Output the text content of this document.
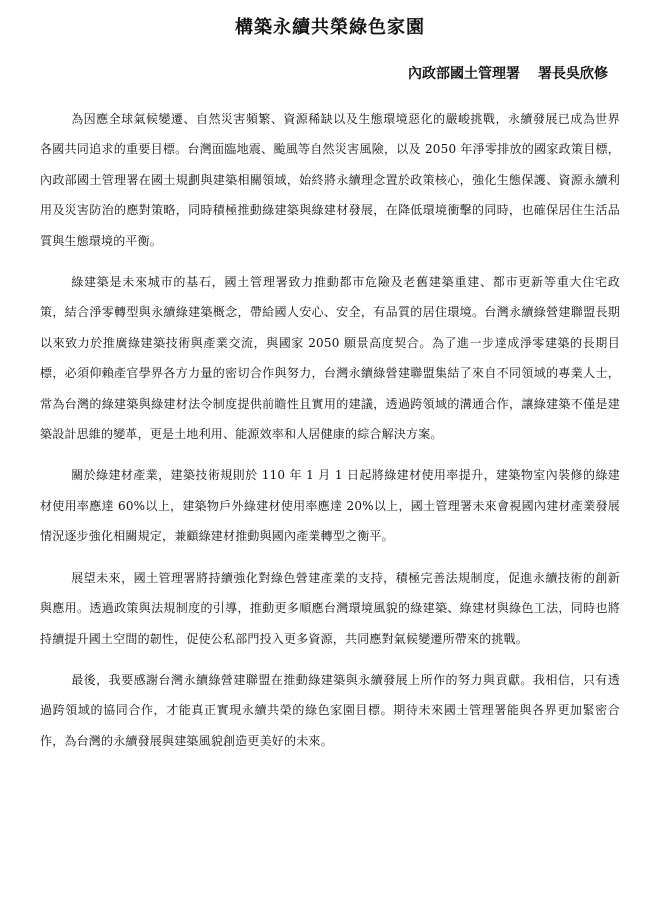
構築永續共榮綠色家園
內政部國土管理署 署長吳欣修

為因應全球氣候變遷、自然災害頻繁、資源稀缺以及生態環境惡化的嚴峻挑戰，永續發展已成為世界各國共同追求的重要目標。台灣面臨地震、颱風等自然災害風險，以及 2050 年淨零排放的國家政策目標，內政部國土管理署在國土規劃與建築相關領域，始終將永續理念置於政策核心，強化生態保護、資源永續利用及災害防治的應對策略，同時積極推動綠建築與綠建材發展，在降低環境衝擊的同時，也確保居住生活品質與生態環境的平衡。

綠建築是未來城市的基石，國土管理署致力推動都市危險及老舊建築重建、都市更新等重大住宅政策，結合淨零轉型與永續綠建築概念，帶給國人安心、安全，有品質的居住環境。台灣永續綠營建聯盟長期以來致力於推廣綠建築技術與產業交流，與國家 2050 願景高度契合。為了進一步達成淨零建築的長期目標，必須仰賴產官學界各方力量的密切合作與努力，台灣永續綠營建聯盟集結了來自不同領域的專業人士，常為台灣的綠建築與綠建材法令制度提供前瞻性且實用的建議，透過跨領域的溝通合作，讓綠建築不僅是建築設計思維的變革，更是土地利用、能源效率和人居健康的綜合解決方案。

關於綠建材產業，建築技術規則於 110 年 1 月 1 日起將綠建材使用率提升，建築物室內裝修的綠建材使用率應達 60%以上，建築物戶外綠建材使用率應達 20%以上，國土管理署未來會視國內建材產業發展情況逐步強化相關規定，兼顧綠建材推動與國內產業轉型之衡平。

展望未來，國土管理署將持續強化對綠色營建產業的支持，積極完善法規制度，促進永續技術的創新與應用。透過政策與法規制度的引導，推動更多順應台灣環境風貌的綠建築、綠建材與綠色工法，同時也將持續提升國土空間的韌性，促使公私部門投入更多資源，共同應對氣候變遷所帶來的挑戰。

最後，我要感謝台灣永續綠營建聯盟在推動綠建築與永續發展上所作的努力與貢獻。我相信，只有透過跨領域的協同合作，才能真正實現永續共榮的綠色家園目標。期待未來國土管理署能與各界更加緊密合作，為台灣的永續發展與建築風貌創造更美好的未來。
